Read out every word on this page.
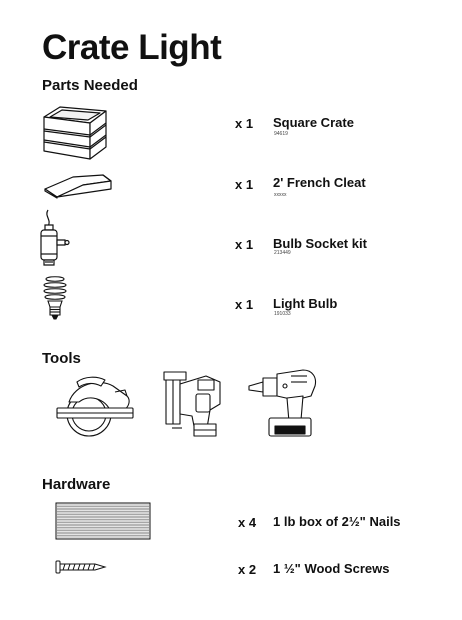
Crate Light
Parts Needed
x 1 Square Crate
94619
x 1 2' French Cleat
xxxxx
x 1 Bulb Socket kit
213449
x 1 Light Bulb
191033
Tools
Hardware
x 4 1 lb box of 2½" Nails
x 2 1 ½" Wood Screws
